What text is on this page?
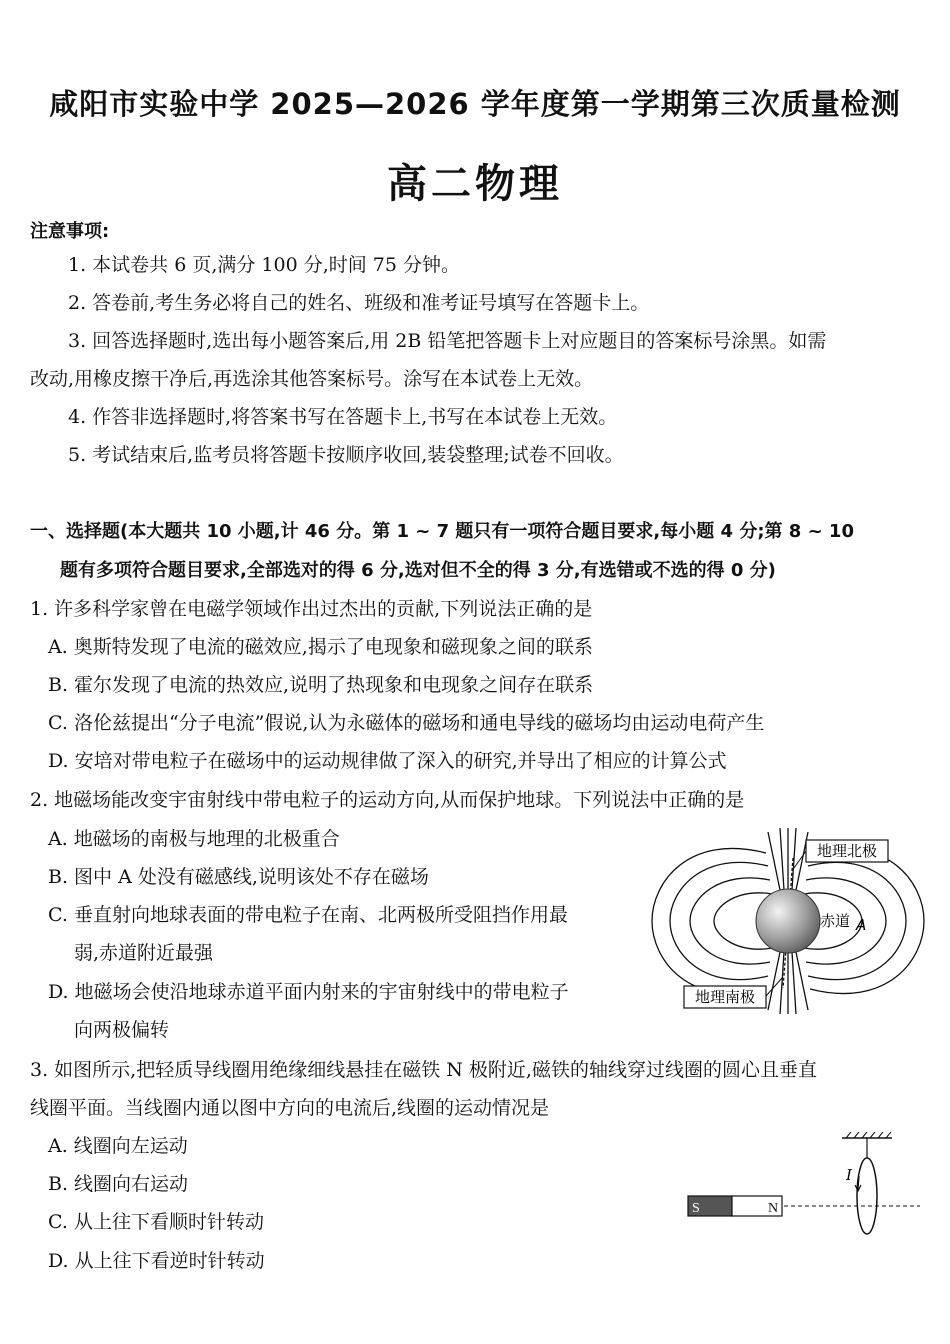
咸阳市实验中学 2025—2026 学年度第一学期第三次质量检测
高二物理
注意事项:
1. 本试卷共 6 页,满分 100 分,时间 75 分钟。
2. 答卷前,考生务必将自己的姓名、班级和准考证号填写在答题卡上。
3. 回答选择题时,选出每小题答案后,用 2B 铅笔把答题卡上对应题目的答案标号涂黑。如需
改动,用橡皮擦干净后,再选涂其他答案标号。涂写在本试卷上无效。
4. 作答非选择题时,将答案书写在答题卡上,书写在本试卷上无效。
5. 考试结束后,监考员将答题卡按顺序收回,装袋整理;试卷不回收。
一、选择题(本大题共 10 小题,计 46 分。第 1 ~ 7 题只有一项符合题目要求,每小题 4 分;第 8 ~ 10
题有多项符合题目要求,全部选对的得 6 分,选对但不全的得 3 分,有选错或不选的得 0 分)
1. 许多科学家曾在电磁学领域作出过杰出的贡献,下列说法正确的是
A. 奥斯特发现了电流的磁效应,揭示了电现象和磁现象之间的联系
B. 霍尔发现了电流的热效应,说明了热现象和电现象之间存在联系
C. 洛伦兹提出“分子电流”假说,认为永磁体的磁场和通电导线的磁场均由运动电荷产生
D. 安培对带电粒子在磁场中的运动规律做了深入的研究,并导出了相应的计算公式
2. 地磁场能改变宇宙射线中带电粒子的运动方向,从而保护地球。下列说法中正确的是
A. 地磁场的南极与地理的北极重合
B. 图中 A 处没有磁感线,说明该处不存在磁场
C. 垂直射向地球表面的带电粒子在南、北两极所受阻挡作用最
弱,赤道附近最强
D. 地磁场会使沿地球赤道平面内射来的宇宙射线中的带电粒子
向两极偏转
地理北极
地理南极
赤道 A
3. 如图所示,把轻质导线圈用绝缘细线悬挂在磁铁 N 极附近,磁铁的轴线穿过线圈的圆心且垂直
线圈平面。当线圈内通以图中方向的电流后,线圈的运动情况是
A. 线圈向左运动
B. 线圈向右运动
C. 从上往下看顺时针转动
D. 从上往下看逆时针转动
I
S	N
